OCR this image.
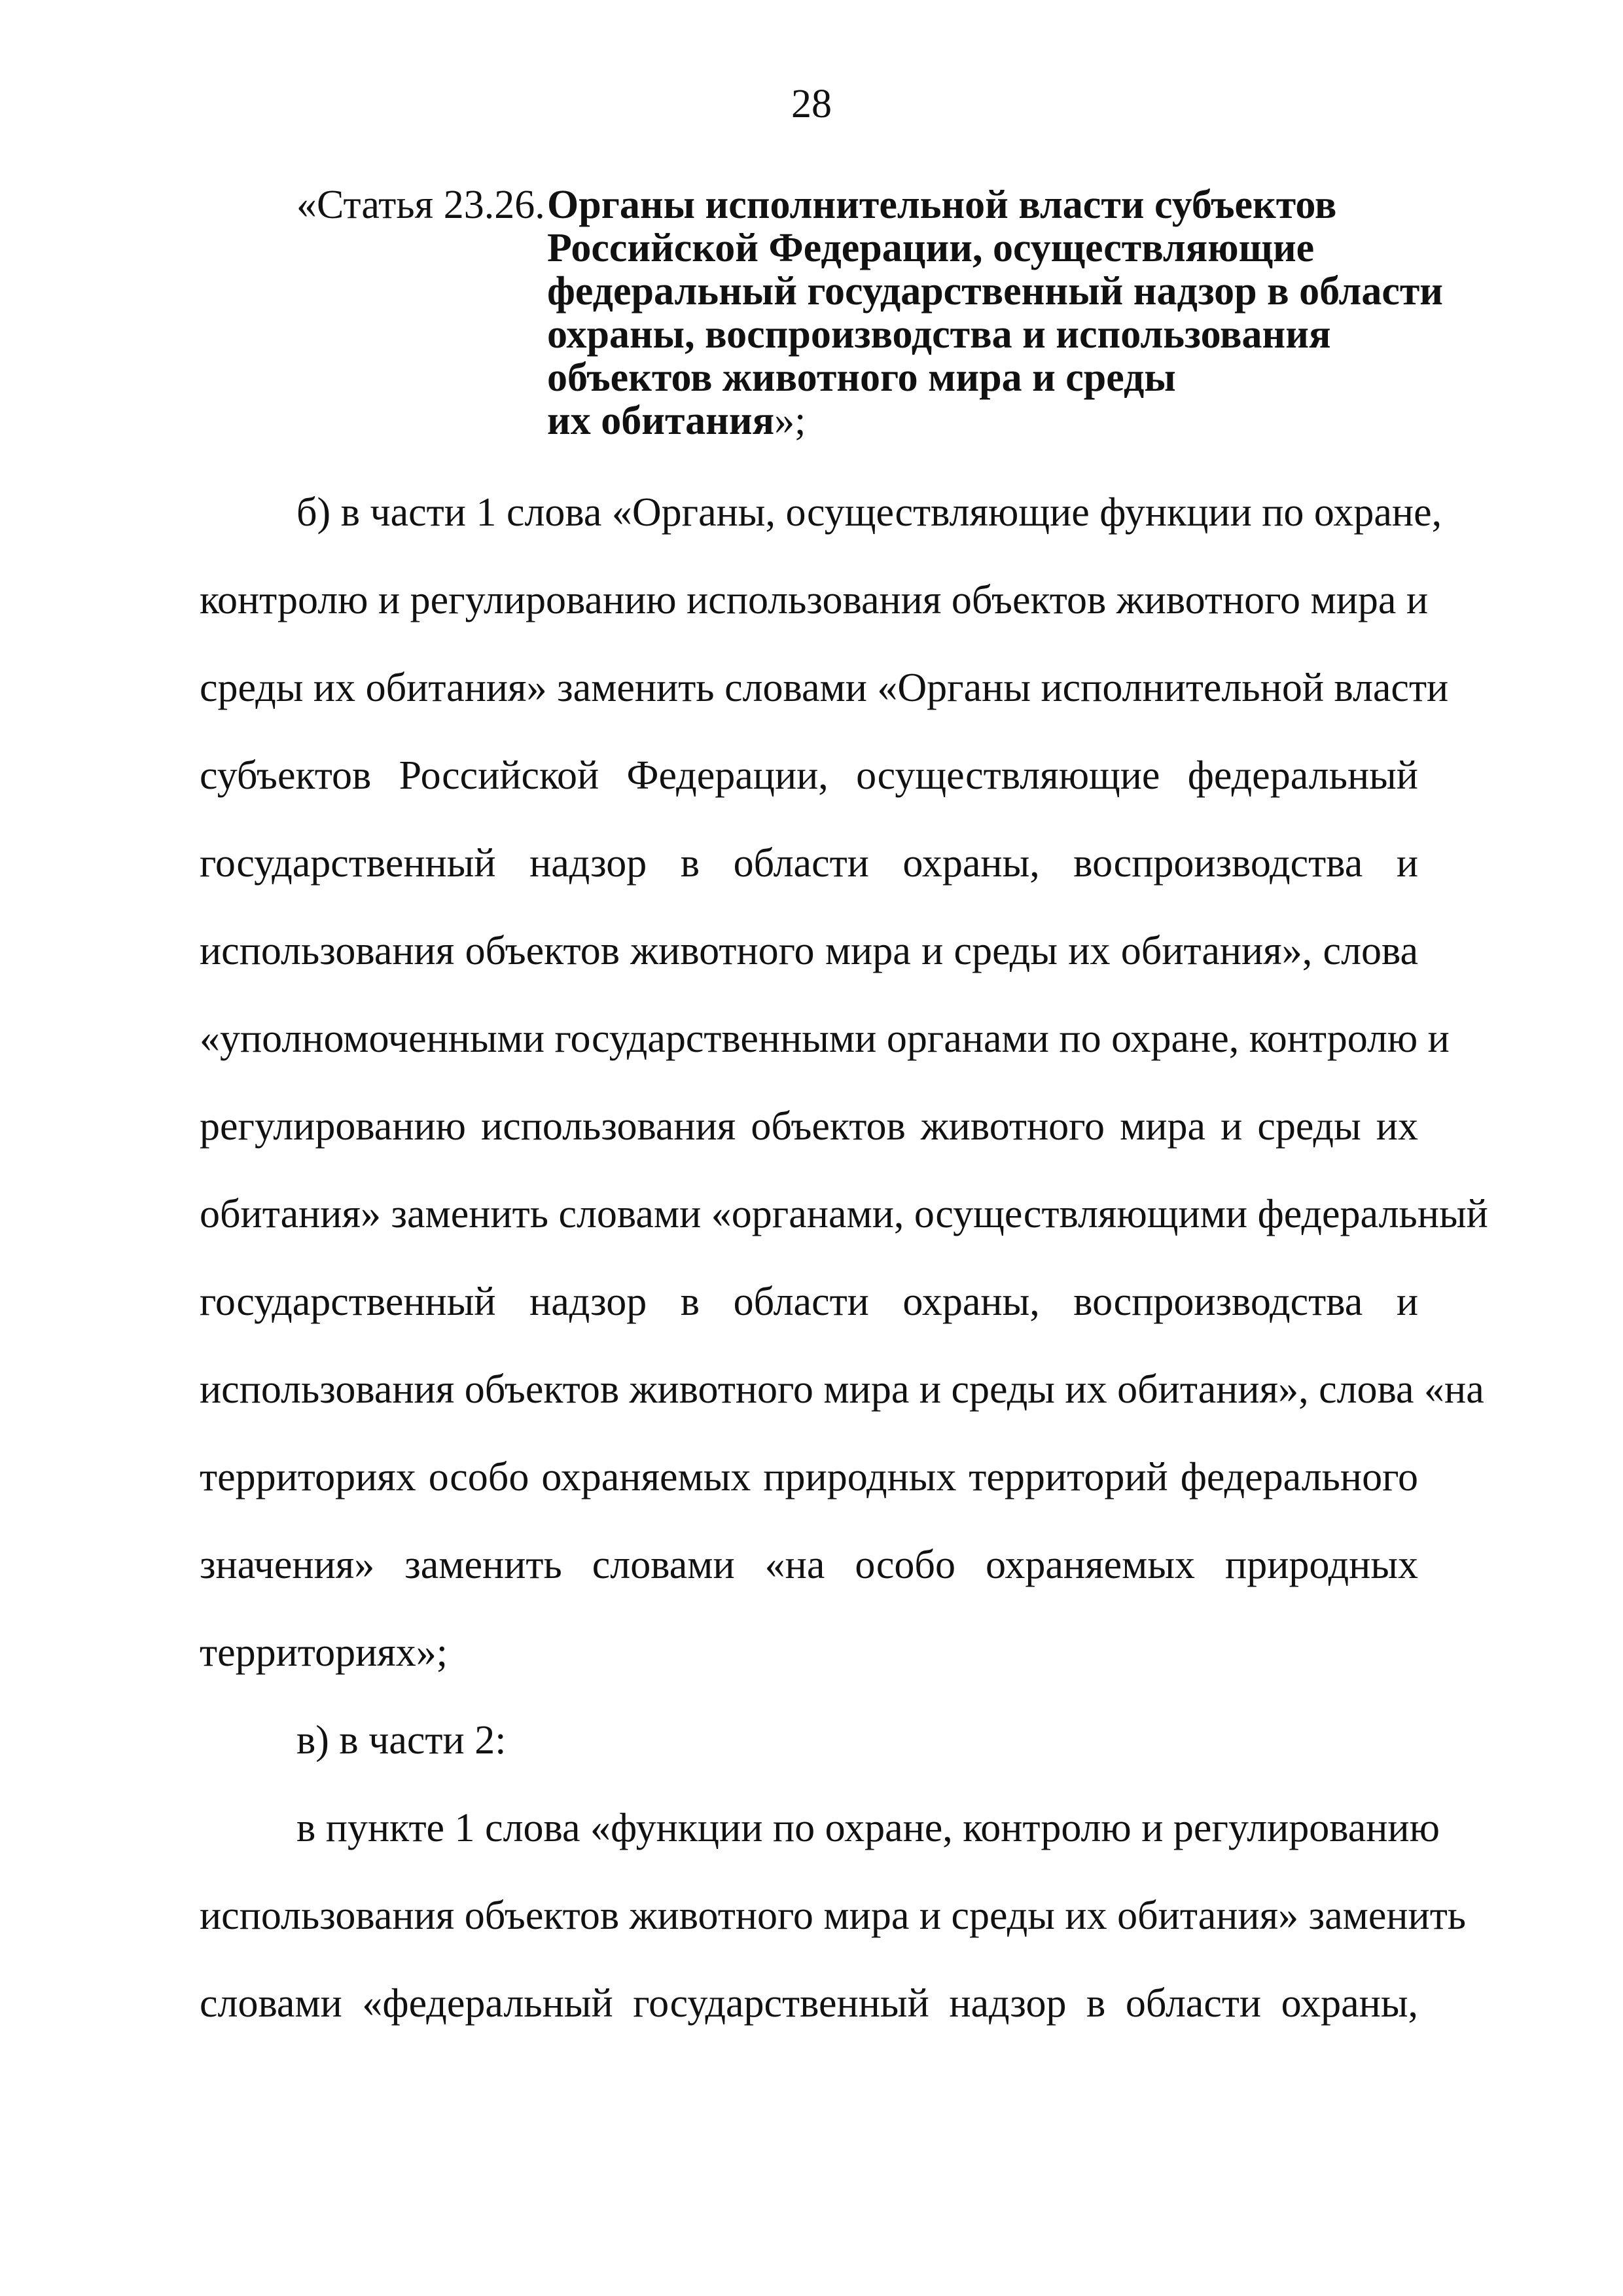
28
«Статья 23.26. Органы исполнительной власти субъектов
Российской Федерации, осуществляющие
федеральный государственный надзор в области
охраны, воспроизводства и использования
объектов животного мира и среды
их обитания»;
б) в части 1 слова «Органы, осуществляющие функции по охране,
контролю и регулированию использования объектов животного мира и
среды их обитания» заменить словами «Органы исполнительной власти
субъектов Российской Федерации, осуществляющие федеральный
государственный надзор в области охраны, воспроизводства и
использования объектов животного мира и среды их обитания», слова
«уполномоченными государственными органами по охране, контролю и
регулированию использования объектов животного мира и среды их
обитания» заменить словами «органами, осуществляющими федеральный
государственный надзор в области охраны, воспроизводства и
использования объектов животного мира и среды их обитания», слова «на
территориях особо охраняемых природных территорий федерального
значения» заменить словами «на особо охраняемых природных
территориях»;
в) в части 2:
в пункте 1 слова «функции по охране, контролю и регулированию
использования объектов животного мира и среды их обитания» заменить
словами «федеральный государственный надзор в области охраны,
